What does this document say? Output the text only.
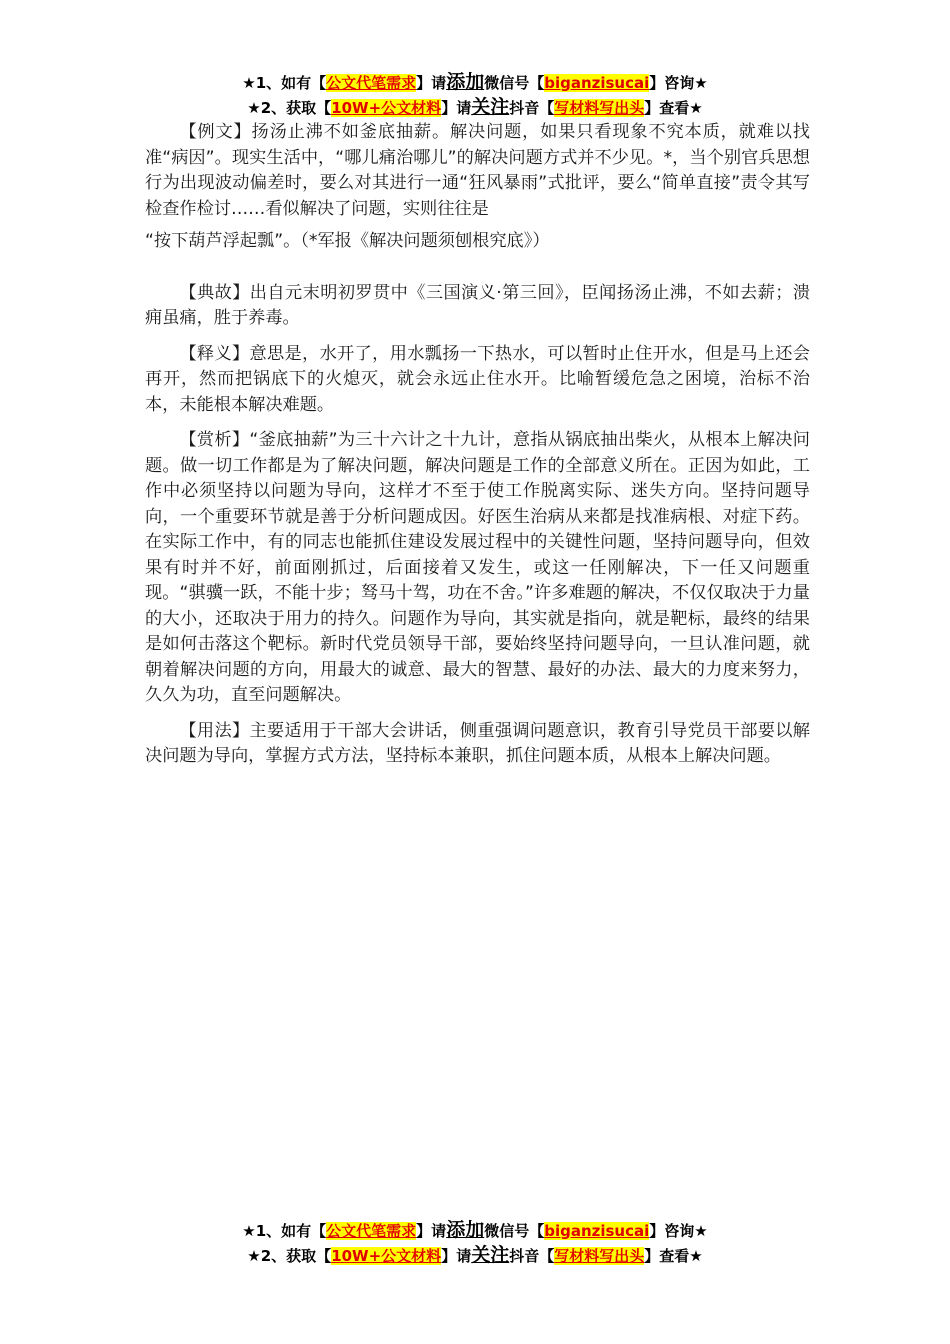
★1、如有【公文代笔需求】请添加微信号【biganzisucai】咨询★
★2、获取【10W+公文材料】请关注抖音【写材料写出头】查看★

【例文】扬汤止沸不如釜底抽薪。解决问题，如果只看现象不究本质，就难以找准“病因”。现实生活中，“哪儿痛治哪儿”的解决问题方式并不少见。*，当个别官兵思想行为出现波动偏差时，要么对其进行一通“狂风暴雨”式批评，要么“简单直接”责令其写检查作检讨……看似解决了问题，实则往往是

“按下葫芦浮起瓢”。（*军报《解决问题须刨根究底》）

【典故】出自元末明初罗贯中《三国演义·第三回》，臣闻扬汤止沸，不如去薪；溃痈虽痛，胜于养毒。

【释义】意思是，水开了，用水瓢扬一下热水，可以暂时止住开水，但是马上还会再开，然而把锅底下的火熄灭，就会永远止住水开。比喻暂缓危急之困境，治标不治本，未能根本解决难题。

【赏析】“釜底抽薪”为三十六计之十九计，意指从锅底抽出柴火，从根本上解决问题。做一切工作都是为了解决问题，解决问题是工作的全部意义所在。正因为如此，工作中必须坚持以问题为导向，这样才不至于使工作脱离实际、迷失方向。坚持问题导向，一个重要环节就是善于分析问题成因。好医生治病从来都是找准病根、对症下药。在实际工作中，有的同志也能抓住建设发展过程中的关键性问题，坚持问题导向，但效果有时并不好，前面刚抓过，后面接着又发生，或这一任刚解决，下一任又问题重现。“骐骥一跃，不能十步；驽马十驾，功在不舍。”许多难题的解决，不仅仅取决于力量的大小，还取决于用力的持久。问题作为导向，其实就是指向，就是靶标，最终的结果是如何击落这个靶标。新时代党员领导干部，要始终坚持问题导向，一旦认准问题，就朝着解决问题的方向，用最大的诚意、最大的智慧、最好的办法、最大的力度来努力，久久为功，直至问题解决。

【用法】主要适用于干部大会讲话，侧重强调问题意识，教育引导党员干部要以解决问题为导向，掌握方式方法，坚持标本兼职，抓住问题本质，从根本上解决问题。

★1、如有【公文代笔需求】请添加微信号【biganzisucai】咨询★
★2、获取【10W+公文材料】请关注抖音【写材料写出头】查看★
